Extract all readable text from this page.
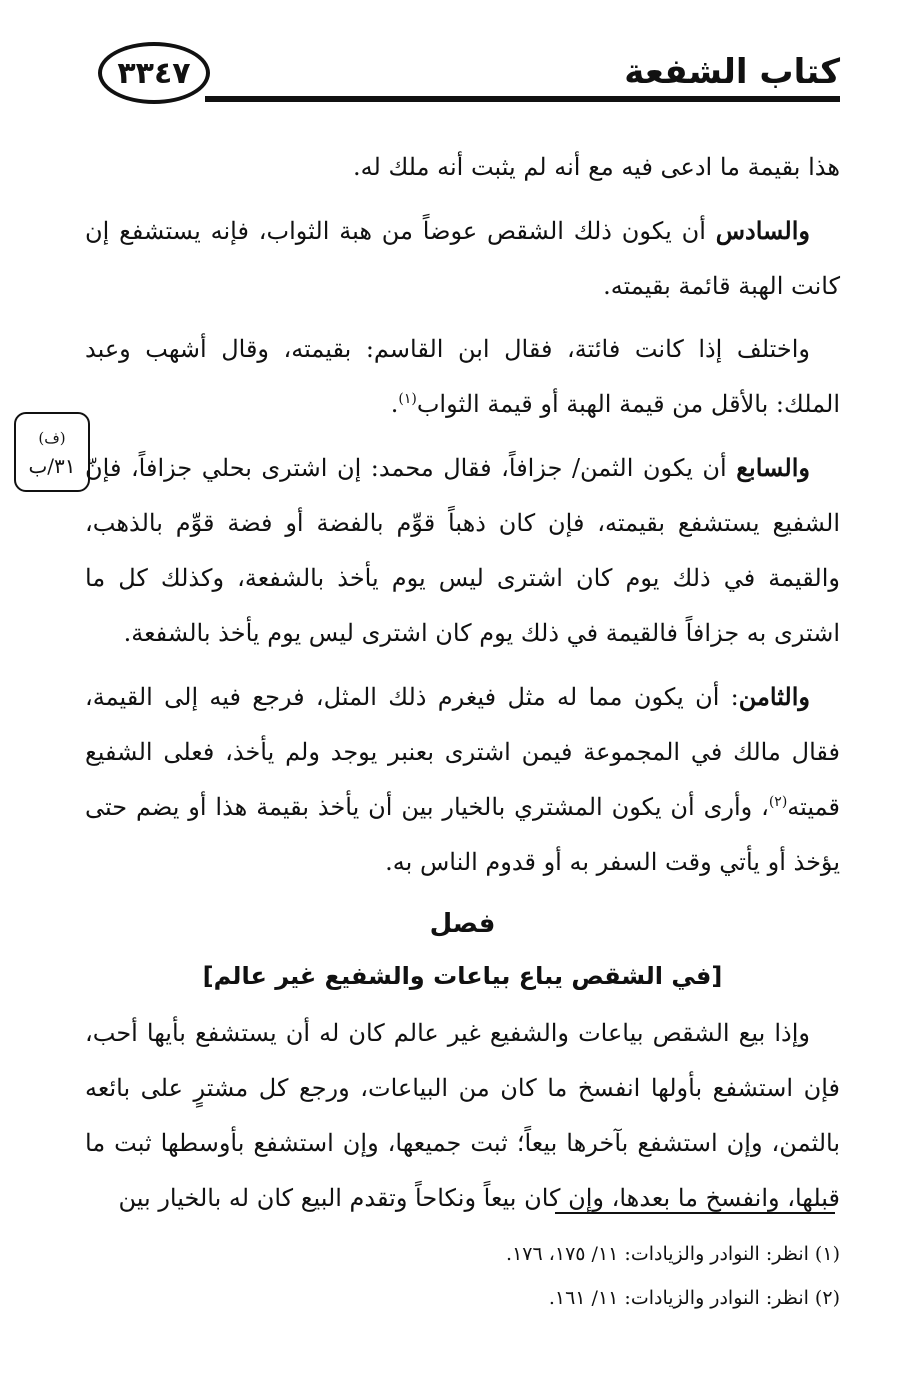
٣٣٤٧	كتاب الشفعة
(ف)
٣١/ب

هذا بقيمة ما ادعى فيه مع أنه لم يثبت أنه ملك له.

والسادس أن يكون ذلك الشقص عوضاً من هبة الثواب، فإنه يستشفع إن كانت الهبة قائمة بقيمته.

واختلف إذا كانت فائتة، فقال ابن القاسم: بقيمته، وقال أشهب وعبد الملك: بالأقل من قيمة الهبة أو قيمة الثواب$^{(١)}$.

والسابع أن يكون الثمن/ جزافاً، فقال محمد: إن اشترى بحلي جزافاً، فإنّ الشفيع يستشفع بقيمته، فإن كان ذهباً قوِّم بالفضة أو فضة قوِّم بالذهب، والقيمة في ذلك يوم كان اشترى ليس يوم يأخذ بالشفعة، وكذلك كل ما اشترى به جزافاً فالقيمة في ذلك يوم كان اشترى ليس يوم يأخذ بالشفعة.

والثامن: أن يكون مما له مثل فيغرم ذلك المثل، فرجع فيه إلى القيمة، فقال مالك في المجموعة فيمن اشترى بعنبر يوجد ولم يأخذ، فعلى الشفيع قميته$^{(٢)}$، وأرى أن يكون المشتري بالخيار بين أن يأخذ بقيمة هذا أو يضم حتى يؤخذ أو يأتي وقت السفر به أو قدوم الناس به.

فصل
[في الشقص يباع بياعات والشفيع غير عالم]

وإذا بيع الشقص بياعات والشفيع غير عالم كان له أن يستشفع بأيها أحب، فإن استشفع بأولها انفسخ ما كان من البياعات، ورجع كل مشترٍ على بائعه بالثمن، وإن استشفع بآخرها بيعاً؛ ثبت جميعها، وإن استشفع بأوسطها ثبت ما قبلها، وانفسخ ما بعدها، وإن كان بيعاً ونكاحاً وتقدم البيع كان له بالخيار بين

(١) انظر: النوادر والزيادات: ١١/ ١٧٥، ١٧٦.
(٢) انظر: النوادر والزيادات: ١١/ ١٦١.
